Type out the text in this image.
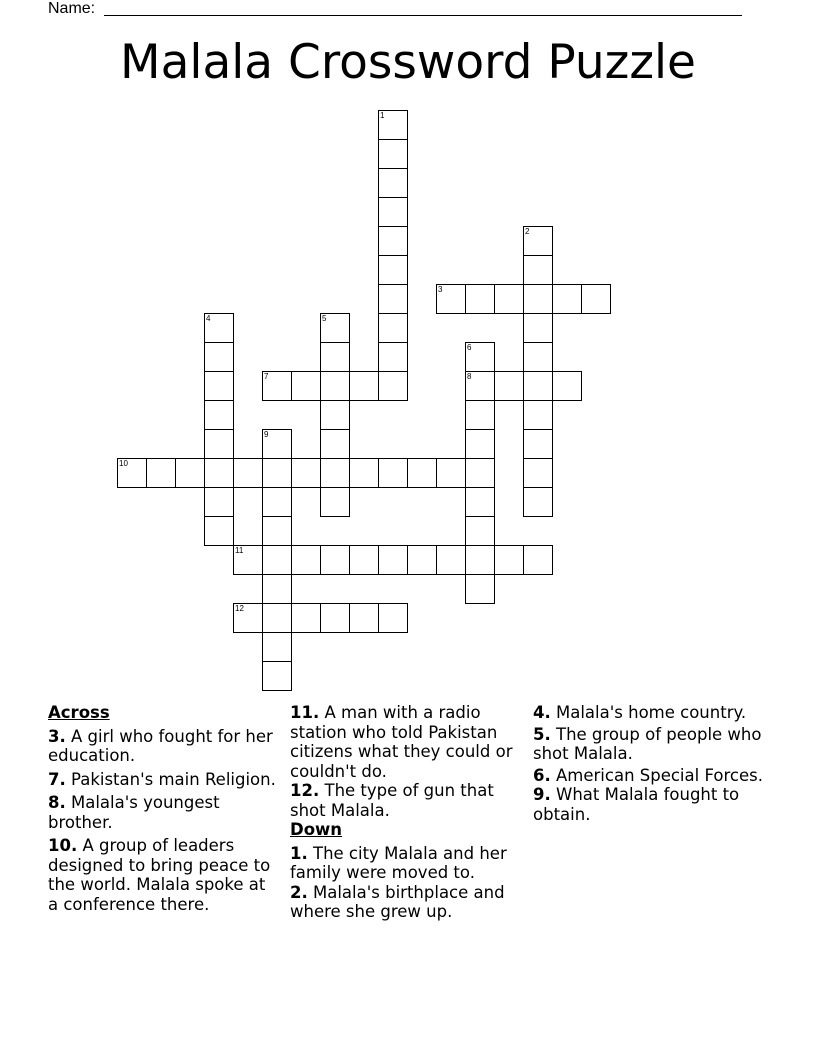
Name:
Malala Crossword Puzzle
1
2
3
4	5
6
7	8
9
10
11
12
Across
3. A girl who fought for her education.
7. Pakistan's main Religion.
8. Malala's youngest brother.
10. A group of leaders designed to bring peace to the world. Malala spoke at a conference there.
11. A man with a radio station who told Pakistan citizens what they could or couldn't do.
12. The type of gun that shot Malala.
Down
1. The city Malala and her family were moved to.
2. Malala's birthplace and where she grew up.
4. Malala's home country.
5. The group of people who shot Malala.
6. American Special Forces.
9. What Malala fought to obtain.
